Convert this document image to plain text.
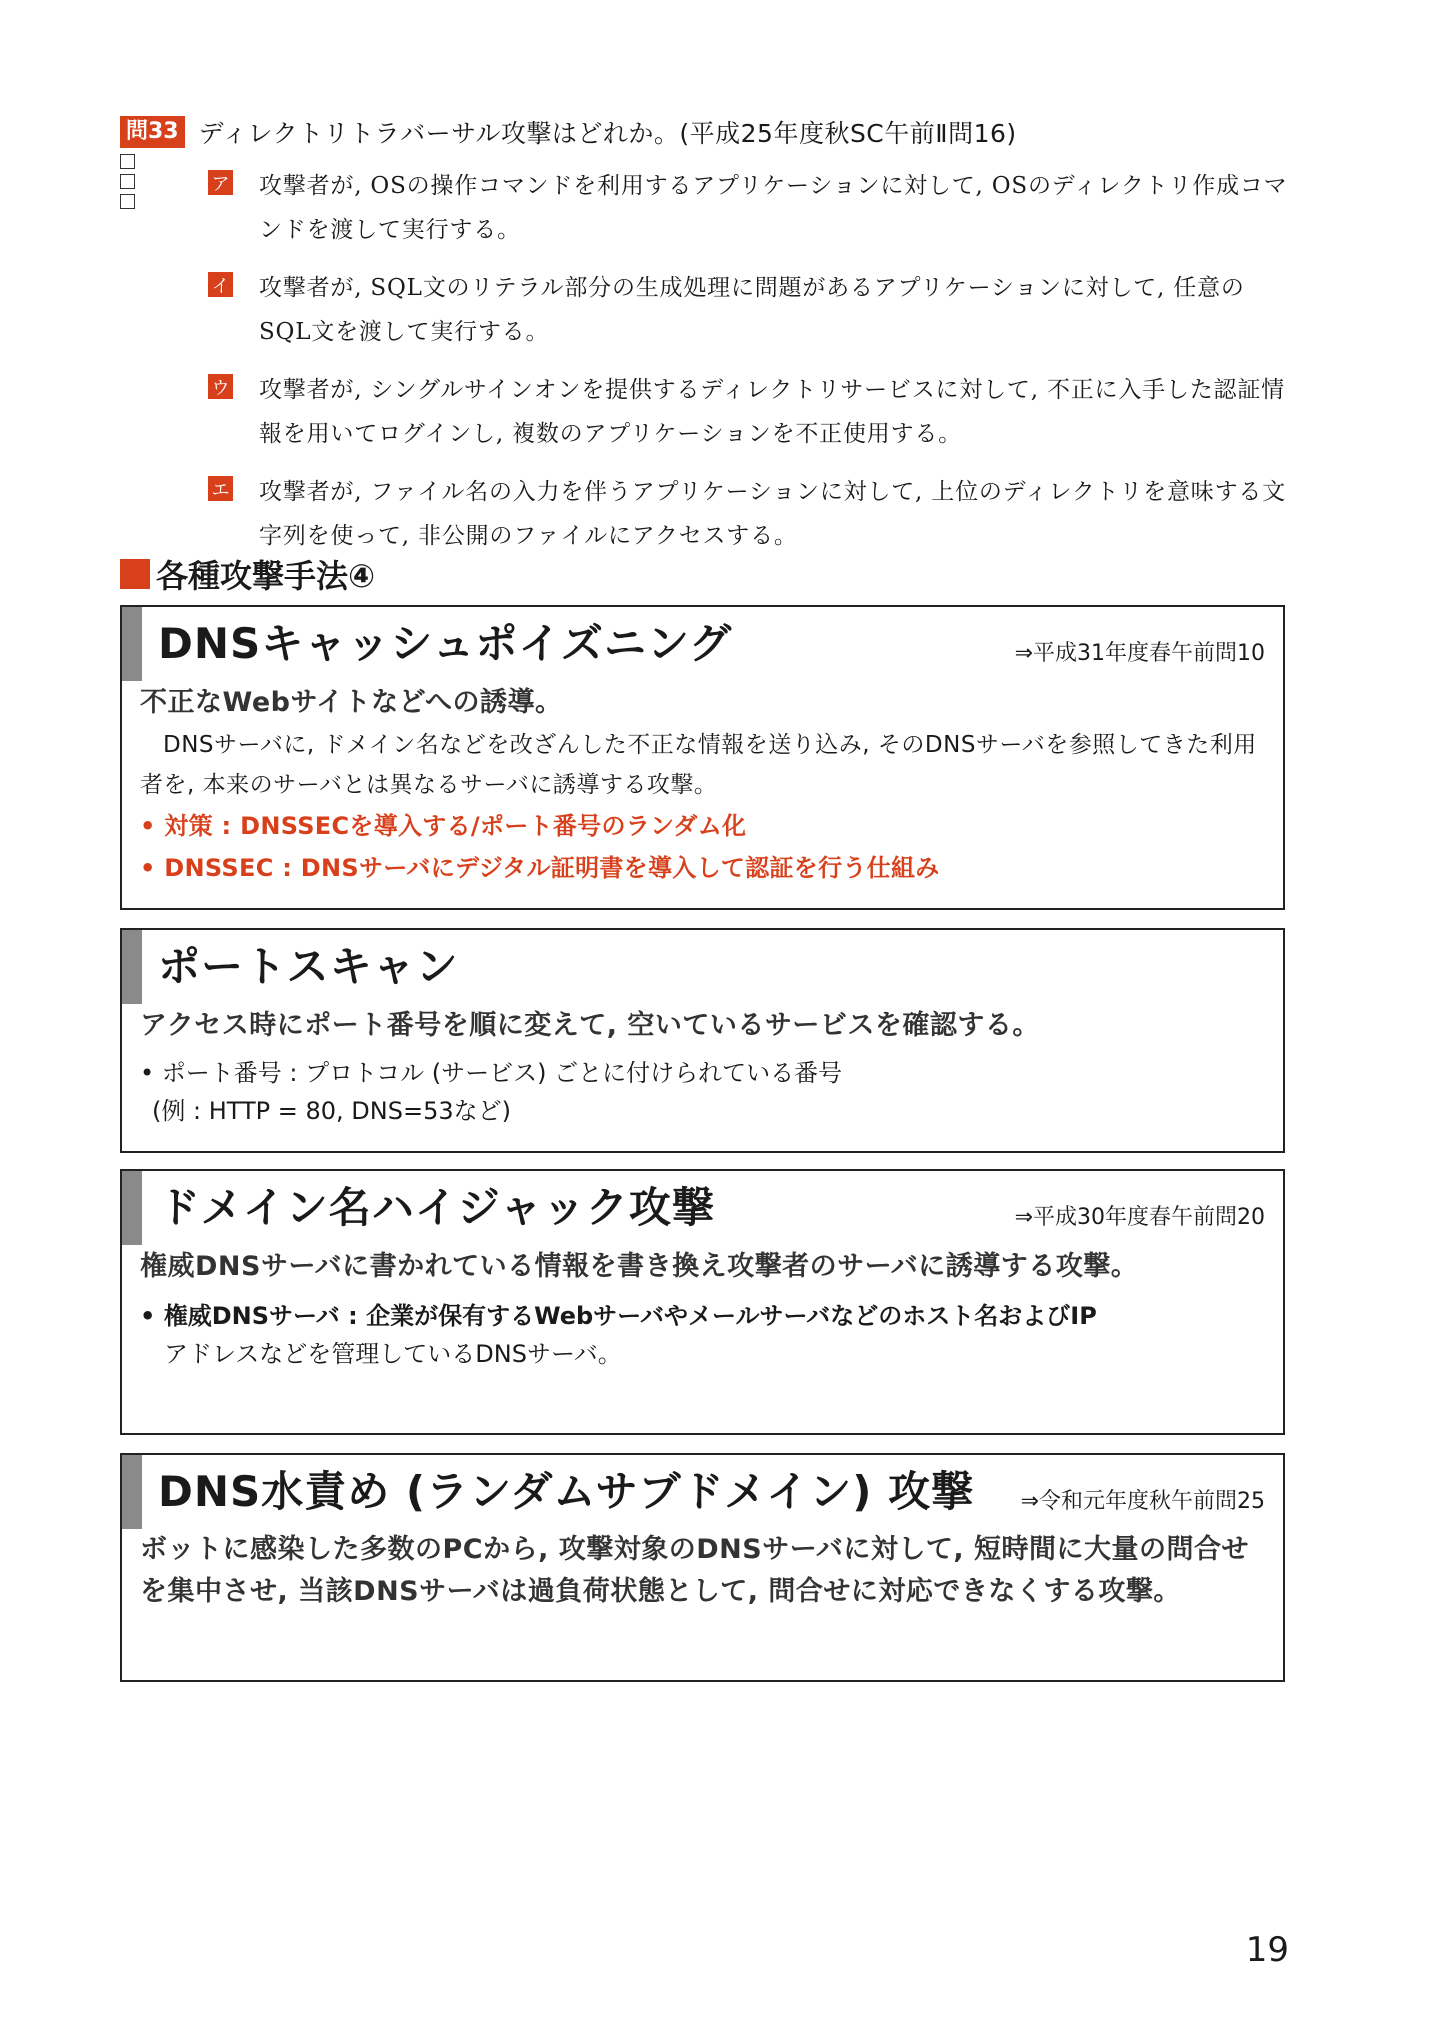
問33 ディレクトリトラバーサル攻撃はどれか。(平成25年度秋SC午前Ⅱ問16)
ア 攻撃者が, OSの操作コマンドを利用するアプリケーションに対して, OSのディレクトリ作成コマンドを渡して実行する。
イ 攻撃者が, SQL文のリテラル部分の生成処理に問題があるアプリケーションに対して, 任意のSQL文を渡して実行する。
ウ 攻撃者が, シングルサインオンを提供するディレクトリサービスに対して, 不正に入手した認証情報を用いてログインし, 複数のアプリケーションを不正使用する。
エ 攻撃者が, ファイル名の入力を伴うアプリケーションに対して, 上位のディレクトリを意味する文字列を使って, 非公開のファイルにアクセスする。
各種攻撃手法④
DNSキャッシュポイズニング	⇒平成31年度春午前問10
不正なWebサイトなどへの誘導。
DNSサーバに, ドメイン名などを改ざんした不正な情報を送り込み, そのDNSサーバを参照してきた利用者を, 本来のサーバとは異なるサーバに誘導する攻撃。
• 対策 : DNSSECを導入する/ポート番号のランダム化
• DNSSEC : DNSサーバにデジタル証明書を導入して認証を行う仕組み
ポートスキャン
アクセス時にポート番号を順に変えて, 空いているサービスを確認する。
• ポート番号 : プロトコル (サービス) ごとに付けられている番号
(例 : HTTP = 80, DNS=53など)
ドメイン名ハイジャック攻撃	⇒平成30年度春午前問20
権威DNSサーバに書かれている情報を書き換え攻撃者のサーバに誘導する攻撃。
• 権威DNSサーバ : 企業が保有するWebサーバやメールサーバなどのホスト名およびIP
アドレスなどを管理しているDNSサーバ。
DNS水責め (ランダムサブドメイン) 攻撃 ⇒令和元年度秋午前問25
ボットに感染した多数のPCから, 攻撃対象のDNSサーバに対して, 短時間に大量の問合せを集中させ, 当該DNSサーバは過負荷状態として, 問合せに対応できなくする攻撃。
19
